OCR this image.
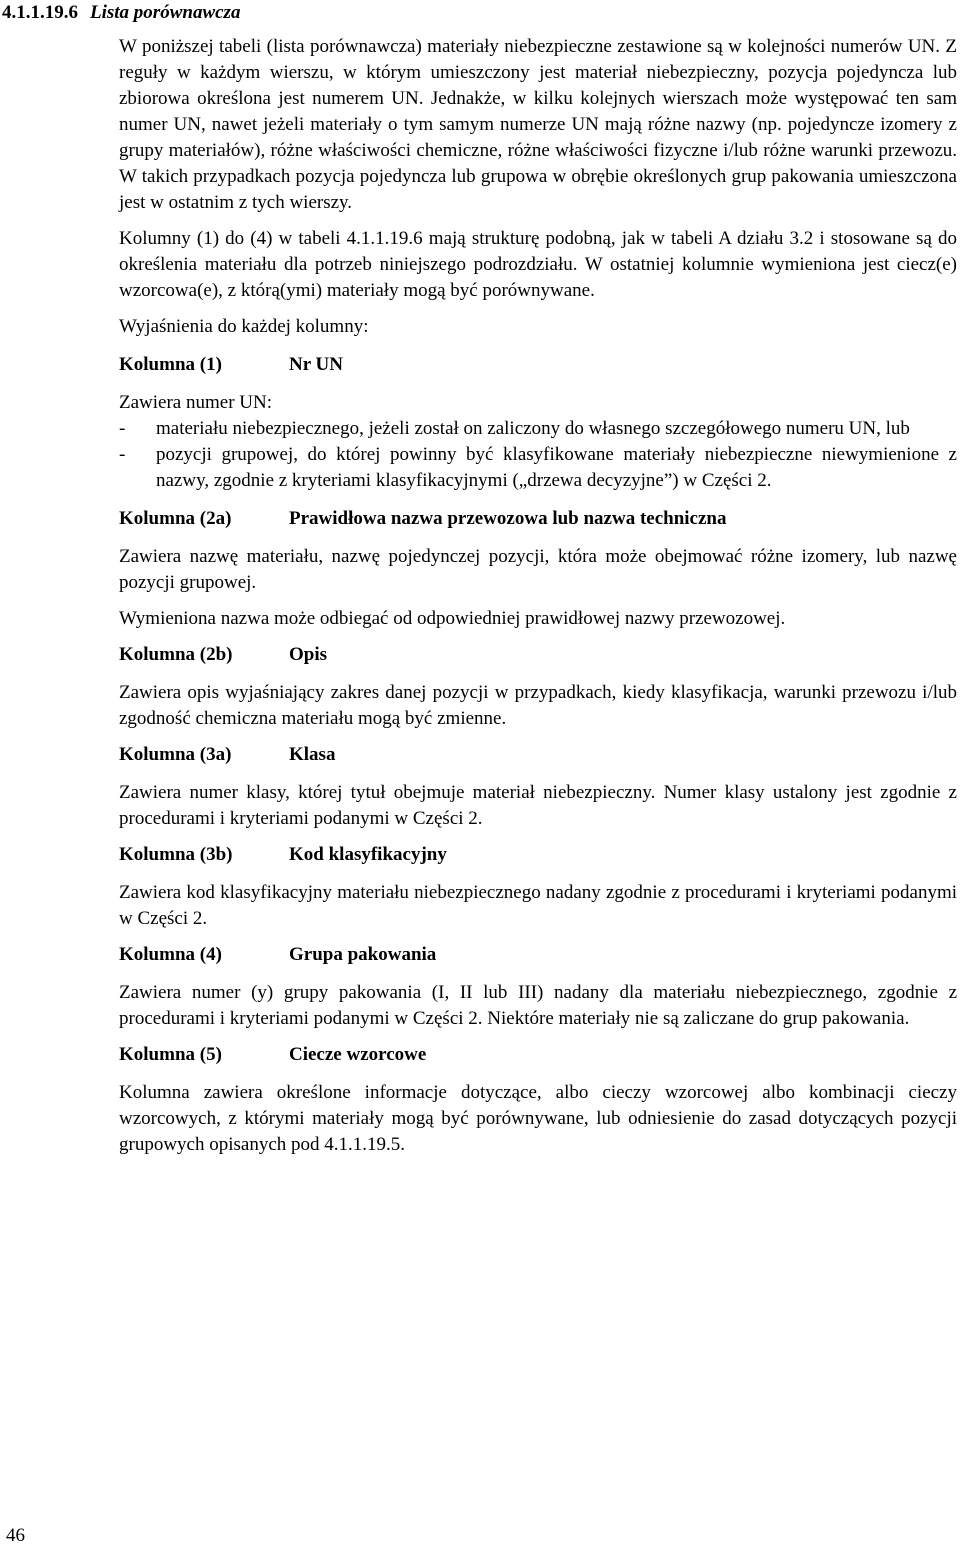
4.1.1.19.6 Lista porównawcza

W poniższej tabeli (lista porównawcza) materiały niebezpieczne zestawione są w kolejności numerów UN. Z reguły w każdym wierszu, w którym umieszczony jest materiał niebezpieczny, pozycja pojedyncza lub zbiorowa określona jest numerem UN. Jednakże, w kilku kolejnych wierszach może występować ten sam numer UN, nawet jeżeli materiały o tym samym numerze UN mają różne nazwy (np. pojedyncze izomery z grupy materiałów), różne właściwości chemiczne, różne właściwości fizyczne i/lub różne warunki przewozu. W takich przypadkach pozycja pojedyncza lub grupowa w obrębie określonych grup pakowania umieszczona jest w ostatnim z tych wierszy.

Kolumny (1) do (4) w tabeli 4.1.1.19.6 mają strukturę podobną, jak w tabeli A działu 3.2 i stosowane są do określenia materiału dla potrzeb niniejszego podrozdziału. W ostatniej kolumnie wymieniona jest ciecz(e) wzorcowa(e), z którą(ymi) materiały mogą być porównywane.

Wyjaśnienia do każdej kolumny:

Kolumna (1)	Nr UN

Zawiera numer UN:

-	materiału niebezpiecznego, jeżeli został on zaliczony do własnego szczegółowego numeru UN, lub
-	pozycji grupowej, do której powinny być klasyfikowane materiały niebezpieczne niewymienione z nazwy, zgodnie z kryteriami klasyfikacyjnymi („drzewa decyzyjne”) w Części 2.
Kolumna (2a)	Prawidłowa nazwa przewozowa lub nazwa techniczna

Zawiera nazwę materiału, nazwę pojedynczej pozycji, która może obejmować różne izomery, lub nazwę pozycji grupowej.

Wymieniona nazwa może odbiegać od odpowiedniej prawidłowej nazwy przewozowej.

Kolumna (2b)	Opis

Zawiera opis wyjaśniający zakres danej pozycji w przypadkach, kiedy klasyfikacja, warunki przewozu i/lub zgodność chemiczna materiału mogą być zmienne.

Kolumna (3a)	Klasa

Zawiera numer klasy, której tytuł obejmuje materiał niebezpieczny. Numer klasy ustalony jest zgodnie z procedurami i kryteriami podanymi w Części 2.

Kolumna (3b)	Kod klasyfikacyjny

Zawiera kod klasyfikacyjny materiału niebezpiecznego nadany zgodnie z procedurami i kryteriami podanymi w Części 2.

Kolumna (4)	Grupa pakowania

Zawiera numer (y) grupy pakowania (I, II lub III) nadany dla materiału niebezpiecznego, zgodnie z procedurami i kryteriami podanymi w Części 2. Niektóre materiały nie są zaliczane do grup pakowania.

Kolumna (5)	Ciecze wzorcowe

Kolumna zawiera określone informacje dotyczące, albo cieczy wzorcowej albo kombinacji cieczy wzorcowych, z którymi materiały mogą być porównywane, lub odniesienie do zasad dotyczących pozycji grupowych opisanych pod 4.1.1.19.5.

46
